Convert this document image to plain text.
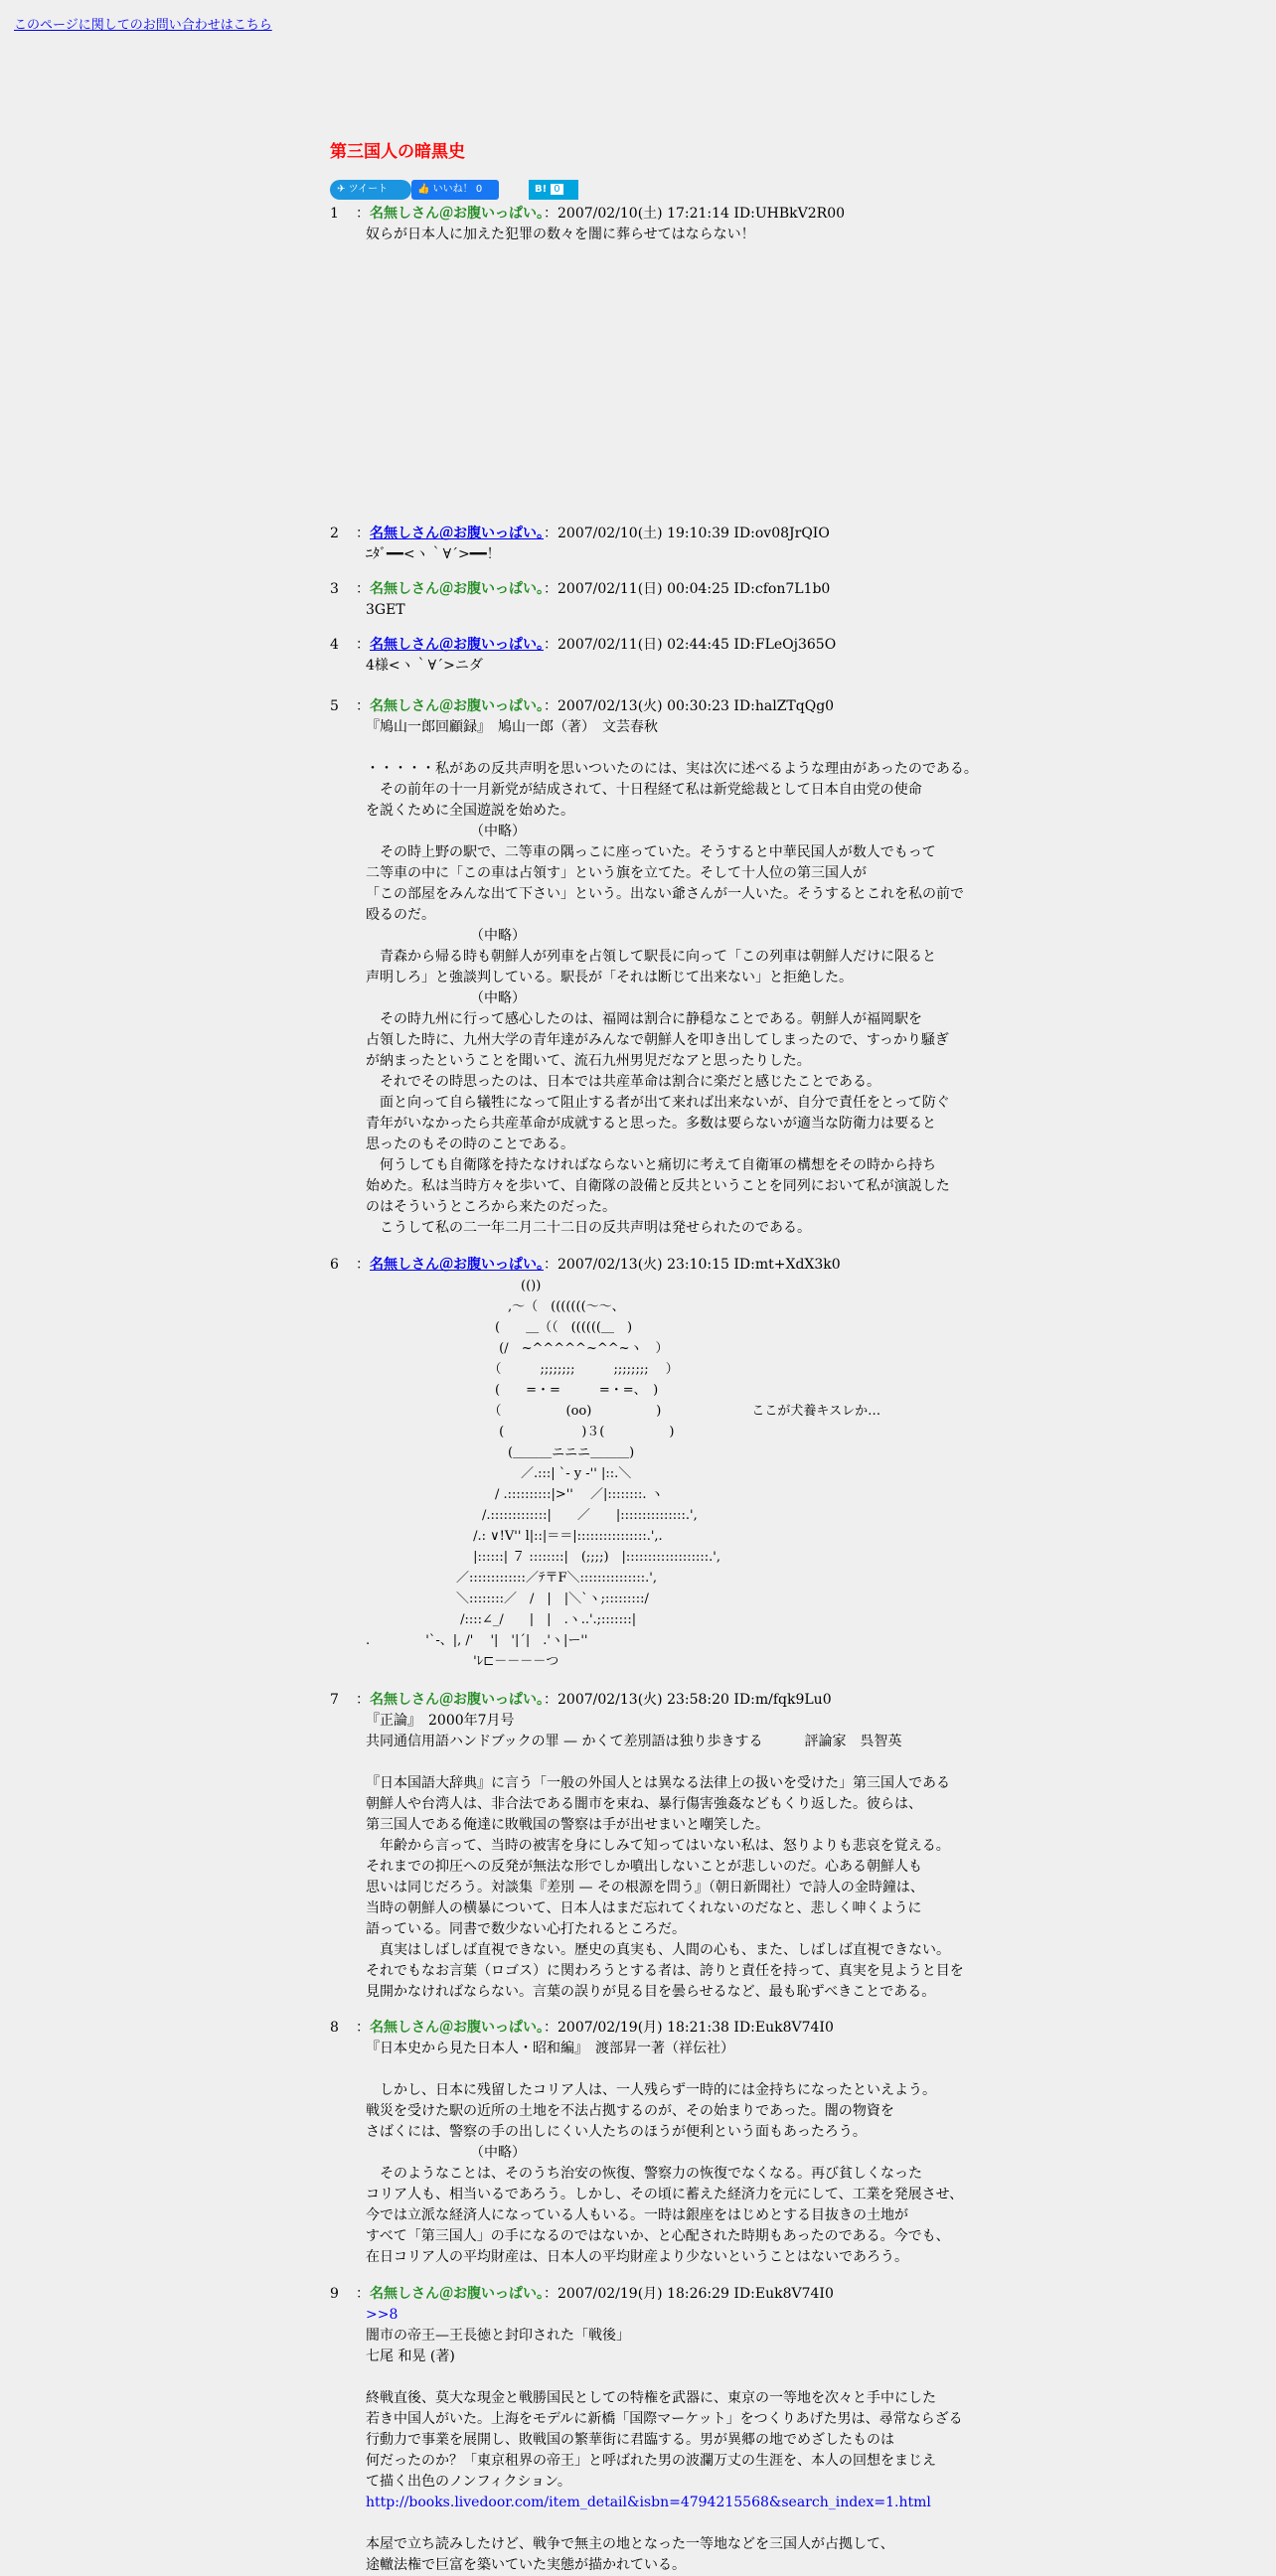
このページに関してのお問い合わせはこちら
第三国人の暗黒史
✈ ツイート	👍 いいね！ 0	B! 0
1 ：名無しさん＠お腹いっぱい。：2007/02/10(土) 17:21:14 ID:UHBkV2R00
奴らが日本人に加えた犯罪の数々を闇に葬らせてはならない！
2 ：名無しさん＠お腹いっぱい。：2007/02/10(土) 19:10:39 ID:ov08JrQIO
ﾆﾀﾞ━━<ヽ｀∀´>━━！
3 ：名無しさん＠お腹いっぱい。：2007/02/11(日) 00:04:25 ID:cfon7L1b0
3GET
4 ：名無しさん＠お腹いっぱい。：2007/02/11(日) 02:44:45 ID:FLeOj365O
4様<ヽ｀∀´>ニダ
5 ：名無しさん＠お腹いっぱい。：2007/02/13(火) 00:30:23 ID:halZTqQg0
『鳩山一郎回顧録』　鳩山一郎（著）　文芸春秋

・・・・・私があの反共声明を思いついたのには、実は次に述べるような理由があったのである。
　その前年の十一月新党が結成されて、十日程経て私は新党総裁として日本自由党の使命
を説くために全国遊説を始めた。
　　　　　　　　（中略）
　その時上野の駅で、二等車の隅っこに座っていた。そうすると中華民国人が数人でもって
二等車の中に「この車は占領す」という旗を立てた。そして十人位の第三国人が
「この部屋をみんな出て下さい」という。出ない爺さんが一人いた。そうするとこれを私の前で
殴るのだ。
　　　　　　　　（中略）
　青森から帰る時も朝鮮人が列車を占領して駅長に向って「この列車は朝鮮人だけに限ると
声明しろ」と強談判している。駅長が「それは断じて出来ない」と拒絶した。
　　　　　　　　（中略）
　その時九州に行って感心したのは、福岡は割合に静穏なことである。朝鮮人が福岡駅を
占領した時に、九州大学の青年達がみんなで朝鮮人を叩き出してしまったので、すっかり騒ぎ
が納まったということを聞いて、流石九州男児だなアと思ったりした。
　それでその時思ったのは、日本では共産革命は割合に楽だと感じたことである。
　面と向って自ら犠牲になって阻止する者が出て来れば出来ないが、自分で責任をとって防ぐ
青年がいなかったら共産革命が成就すると思った。多数は要らないが適当な防衛力は要ると
思ったのもその時のことである。
　何うしても自衛隊を持たなければならないと痛切に考えて自衛軍の構想をその時から持ち
始めた。私は当時方々を歩いて、自衛隊の設備と反共ということを同列において私が演説した
のはそういうところから来たのだった。
　こうして私の二一年二月二十二日の反共声明は発せられたのである。
6 ：名無しさん＠お腹いっぱい。：2007/02/13(火) 23:10:15 ID:mt+XdX3k0
　　　　　　　　　　　　(())
　　　　　　　　　　　,～（　(((((((～～、
　　　　　　　　　　(　　＿（（　((((((＿　)
　　　　　　　　　　 (/　~^^^^^~^^~ヽ　）
　　　　　　　　　　（　　　;;;;;;;;　　　;;;;;;;;　 ）
　　　　　　　　　　(　　=・=　　　=・=、　)
　　　　　　　　　　（　　　　　(oo)　　　　　)　　　　　　　ここが犬養キスレか…
　　　　　　　　　　 (　　　　　　)３(　　　　　)
　　　　　　　　　　　(＿＿＿ニニニ＿＿＿)
　　　　　　　　　　　　／.:::| `- y -'' |::.＼
　　　　　　　　　　/ .::::::::::|>''　 ／|::::::::. ヽ
　　　　　　　　　/.:::::::::::::|　　／　　|:::::::::::::::.',
　　　　　　　　 /.: ∨!V'' l|::|＝＝|::::::::::::::::.',.
　　　　　　　　 |::::::| ７ ::::::::|　(;;;;)　|:::::::::::::::::::.',
　　　　　　　／:::::::::::::／ﾃ〒F＼:::::::::::::::.',
　　　　　　　＼::::::::／　/　|　|＼`ヽ;:::::::::/
　　　　　　　 /::::∠_/　　|　|　.ヽ..'.;:::::::|
.　　　　 '`-、|, /'　 '|　'|´|　.'ヽ|ー''
　　　　　　　　 'ﾚ⊏－－－－つ
7 ：名無しさん＠お腹いっぱい。：2007/02/13(火) 23:58:20 ID:m/fqk9Lu0
『正論』　2000年7月号
共同通信用語ハンドブックの罪 — かくて差別語は独り歩きする　　　評論家　呉智英

『日本国語大辞典』に言う「一般の外国人とは異なる法律上の扱いを受けた」第三国人である
朝鮮人や台湾人は、非合法である闇市を束ね、暴行傷害強姦などもくり返した。彼らは、
第三国人である俺達に敗戦国の警察は手が出せまいと嘲笑した。
　年齢から言って、当時の被害を身にしみて知ってはいない私は、怒りよりも悲哀を覚える。
それまでの抑圧への反発が無法な形でしか噴出しないことが悲しいのだ。心ある朝鮮人も
思いは同じだろう。対談集『差別 — その根源を問う』（朝日新聞社）で詩人の金時鐘は、
当時の朝鮮人の横暴について、日本人はまだ忘れてくれないのだなと、悲しく呻くように
語っている。同書で数少ない心打たれるところだ。
　真実はしばしば直視できない。歴史の真実も、人間の心も、また、しばしば直視できない。
それでもなお言葉（ロゴス）に関わろうとする者は、誇りと責任を持って、真実を見ようと目を
見開かなければならない。言葉の誤りが見る目を曇らせるなど、最も恥ずべきことである。
8 ：名無しさん＠お腹いっぱい。：2007/02/19(月) 18:21:38 ID:Euk8V74I0
『日本史から見た日本人・昭和編』　渡部昇一著（祥伝社）

　しかし、日本に残留したコリア人は、一人残らず一時的には金持ちになったといえよう。
戦災を受けた駅の近所の土地を不法占拠するのが、その始まりであった。闇の物資を
さばくには、警察の手の出しにくい人たちのほうが便利という面もあったろう。
　　　　　　　　（中略）
　そのようなことは、そのうち治安の恢復、警察力の恢復でなくなる。再び貧しくなった
コリア人も、相当いるであろう。しかし、その頃に蓄えた経済力を元にして、工業を発展させ、
今では立派な経済人になっている人もいる。一時は銀座をはじめとする目抜きの土地が
すべて「第三国人」の手になるのではないか、と心配された時期もあったのである。今でも、
在日コリア人の平均財産は、日本人の平均財産より少ないということはないであろう。
9 ：名無しさん＠お腹いっぱい。：2007/02/19(月) 18:26:29 ID:Euk8V74I0
>>8
闇市の帝王—王長徳と封印された「戦後」
七尾 和晃 (著)

終戦直後、莫大な現金と戦勝国民としての特権を武器に、東京の一等地を次々と手中にした
若き中国人がいた。上海をモデルに新橋「国際マーケット」をつくりあげた男は、尋常ならざる
行動力で事業を展開し、敗戦国の繁華街に君臨する。男が異郷の地でめざしたものは
何だったのか？「東京租界の帝王」と呼ばれた男の波瀾万丈の生涯を、本人の回想をまじえ
て描く出色のノンフィクション。
http://books.livedoor.com/item_detail&isbn=4794215568&search_index=1.html

本屋で立ち読みしたけど、戦争で無主の地となった一等地などを三国人が占拠して、
途轍法権で巨富を築いていた実態が描かれている。
